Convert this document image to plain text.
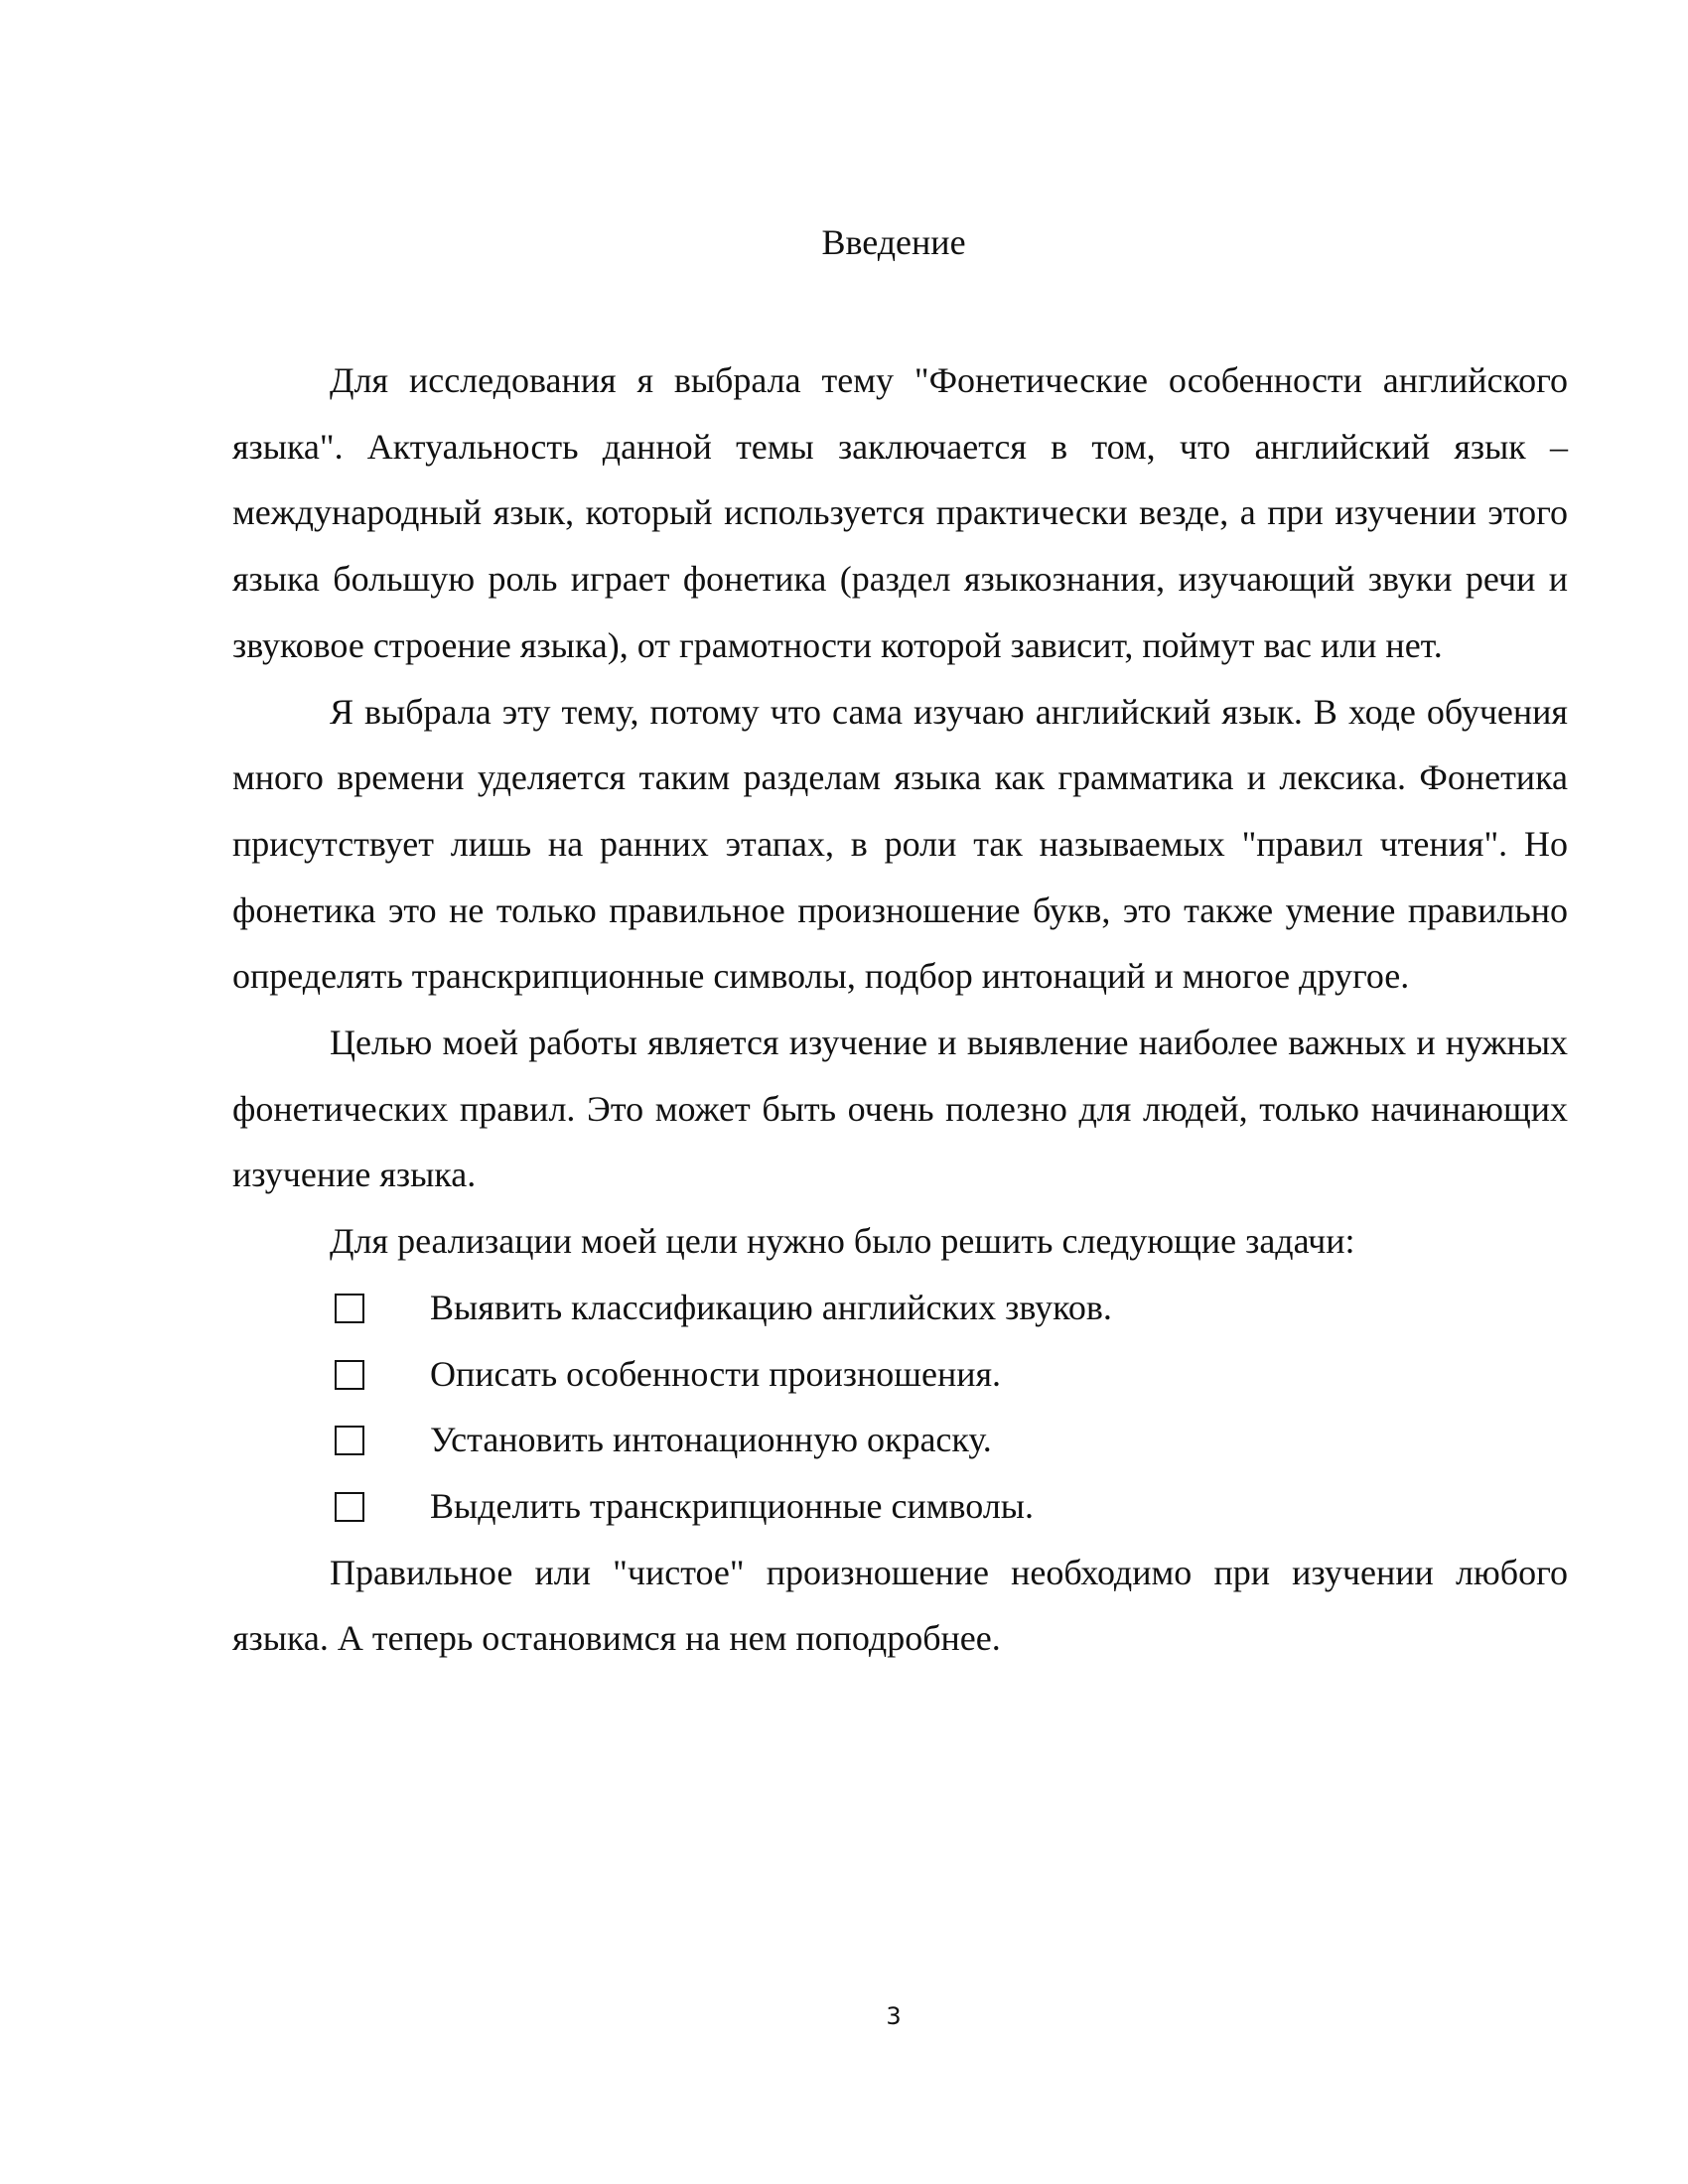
Введение

Для исследования я выбрала тему "Фонетические особенности английского языка". Актуальность данной темы заключается в том, что английский язык – международный язык, который используется практически везде, а при изучении этого языка большую роль играет фонетика (раздел языкознания, изучающий звуки речи и звуковое строение языка), от грамотности которой зависит, поймут вас или нет.

Я выбрала эту тему, потому что сама изучаю английский язык. В ходе обучения много времени уделяется таким разделам языка как грамматика и лексика. Фонетика присутствует лишь на ранних этапах, в роли так называемых "правил чтения". Но фонетика это не только правильное произношение букв, это также умение правильно определять транскрипционные символы, подбор интонаций и многое другое.

Целью моей работы является изучение и выявление наиболее важных и нужных фонетических правил. Это может быть очень полезно для людей, только начинающих изучение языка.

Для реализации моей цели нужно было решить следующие задачи:

Выявить классификацию английских звуков.
Описать особенности произношения.
Установить интонационную окраску.
Выделить транскрипционные символы.

Правильное или "чистое" произношение необходимо при изучении любого языка. А теперь остановимся на нем поподробнее.

3
